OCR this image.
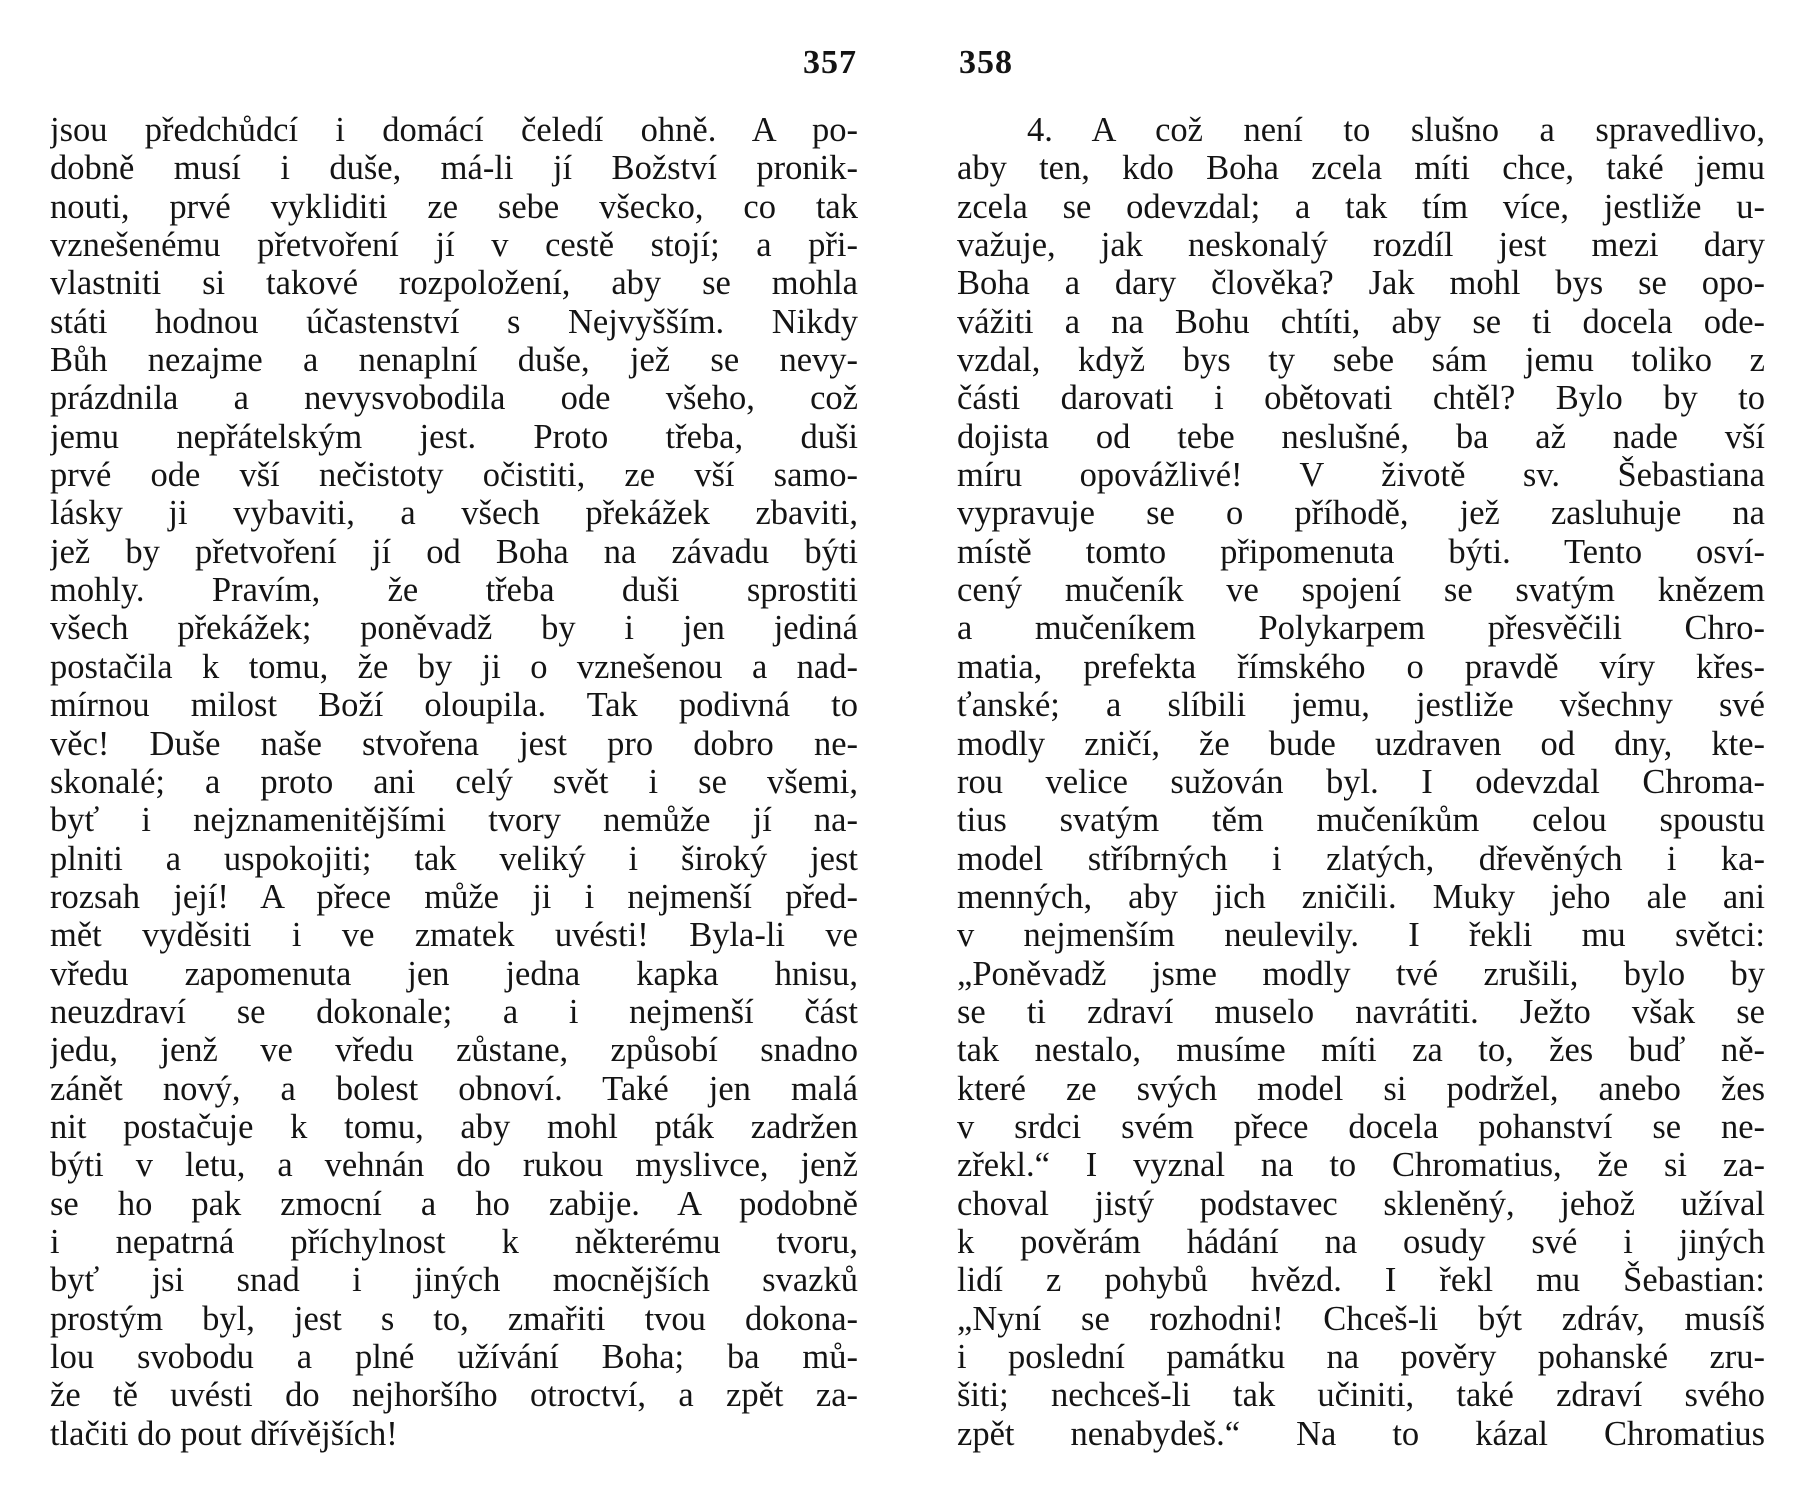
357
jsou předchůdcí i domácí čeledí ohně. A po-
dobně musí i duše, má-li jí Božství pronik-
nouti, prvé vykliditi ze sebe všecko, co tak
vznešenému přetvoření jí v cestě stojí; a při-
vlastniti si takové rozpoložení, aby se mohla
státi hodnou účastenství s Nejvyšším. Nikdy
Bůh nezajme a nenaplní duše, jež se nevy-
prázdnila a nevysvobodila ode všeho, což
jemu nepřátelským jest. Proto třeba, duši
prvé ode vší nečistoty očistiti, ze vší samo-
lásky ji vybaviti, a všech překážek zbaviti,
jež by přetvoření jí od Boha na závadu býti
mohly. Pravím, že třeba duši sprostiti
všech překážek; poněvadž by i jen jediná
postačila k tomu, že by ji o vznešenou a nad-
mírnou milost Boží oloupila. Tak podivná to
věc! Duše naše stvořena jest pro dobro ne-
skonalé; a proto ani celý svět i se všemi,
byť i nejznamenitějšími tvory nemůže jí na-
plniti a uspokojiti; tak veliký i široký jest
rozsah její! A přece může ji i nejmenší před-
mět vyděsiti i ve zmatek uvésti! Byla-li ve
vředu zapomenuta jen jedna kapka hnisu,
neuzdraví se dokonale; a i nejmenší část
jedu, jenž ve vředu zůstane, způsobí snadno
zánět nový, a bolest obnoví. Také jen malá
nit postačuje k tomu, aby mohl pták zadržen
býti v letu, a vehnán do rukou myslivce, jenž
se ho pak zmocní a ho zabije. A podobně
i nepatrná příchylnost k některému tvoru,
byť jsi snad i jiných mocnějších svazků
prostým byl, jest s to, zmařiti tvou dokona-
lou svobodu a plné užívání Boha; ba mů-
že tě uvésti do nejhoršího otroctví, a zpět za-
tlačiti do pout dřívějších!
358
4. A což není to slušno a spravedlivo,
aby ten, kdo Boha zcela míti chce, také jemu
zcela se odevzdal; a tak tím více, jestliže u-
važuje, jak neskonalý rozdíl jest mezi dary
Boha a dary člověka? Jak mohl bys se opo-
vážiti a na Bohu chtíti, aby se ti docela ode-
vzdal, když bys ty sebe sám jemu toliko z
části darovati i obětovati chtěl? Bylo by to
dojista od tebe neslušné, ba až nade vší
míru opovážlivé! V životě sv. Šebastiana
vypravuje se o příhodě, jež zasluhuje na
místě tomto připomenuta býti. Tento osví-
cený mučeník ve spojení se svatým knězem
a mučeníkem Polykarpem přesvěčili Chro-
matia, prefekta římského o pravdě víry křes-
ťanské; a slíbili jemu, jestliže všechny své
modly zničí, že bude uzdraven od dny, kte-
rou velice sužován byl. I odevzdal Chroma-
tius svatým těm mučeníkům celou spoustu
model stříbrných i zlatých, dřevěných i ka-
menných, aby jich zničili. Muky jeho ale ani
v nejmenším neulevily. I řekli mu světci:
„Poněvadž jsme modly tvé zrušili, bylo by
se ti zdraví muselo navrátiti. Ježto však se
tak nestalo, musíme míti za to, žes buď ně-
které ze svých model si podržel, anebo žes
v srdci svém přece docela pohanství se ne-
zřekl.“ I vyznal na to Chromatius, že si za-
choval jistý podstavec skleněný, jehož užíval
k pověrám hádání na osudy své i jiných
lidí z pohybů hvězd. I řekl mu Šebastian:
„Nyní se rozhodni! Chceš-li být zdráv, musíš
i poslední památku na pověry pohanské zru-
šiti; nechceš-li tak učiniti, také zdraví svého
zpět nenabydeš.“ Na to kázal Chromatius
